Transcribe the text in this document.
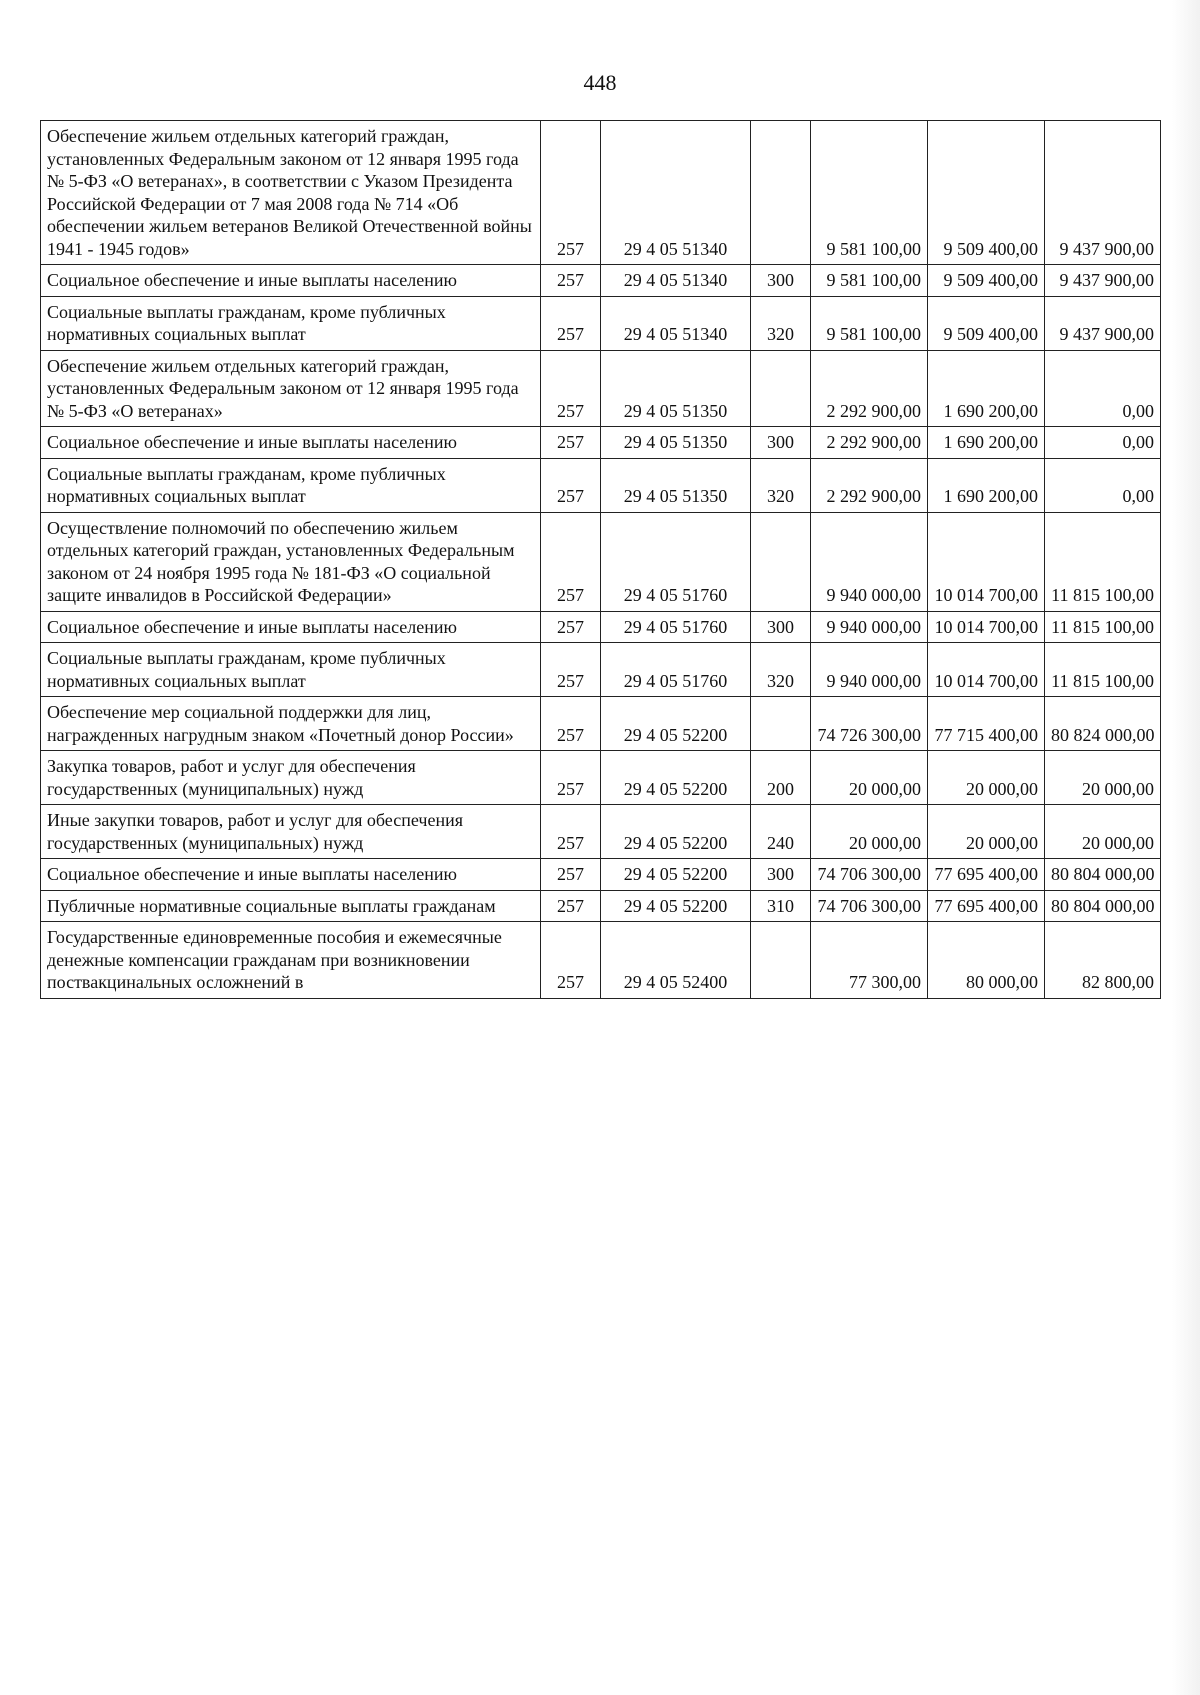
448
Обеспечение жильем отдельных категорий граждан, установленных Федеральным законом от 12 января 1995 года № 5-ФЗ «О ветеранах», в соответствии с Указом Президента Российской Федерации от 7 мая 2008 года № 714 «Об обеспечении жильем ветеранов Великой Отечественной войны 1941 - 1945 годов»	257	29 4 05 51340		9 581 100,00	9 509 400,00	9 437 900,00
Социальное обеспечение и иные выплаты населению	257	29 4 05 51340	300	9 581 100,00	9 509 400,00	9 437 900,00
Социальные выплаты гражданам, кроме публичных нормативных социальных выплат	257	29 4 05 51340	320	9 581 100,00	9 509 400,00	9 437 900,00
Обеспечение жильем отдельных категорий граждан, установленных Федеральным законом от 12 января 1995 года № 5-ФЗ «О ветеранах»	257	29 4 05 51350		2 292 900,00	1 690 200,00	0,00
Социальное обеспечение и иные выплаты населению	257	29 4 05 51350	300	2 292 900,00	1 690 200,00	0,00
Социальные выплаты гражданам, кроме публичных нормативных социальных выплат	257	29 4 05 51350	320	2 292 900,00	1 690 200,00	0,00
Осуществление полномочий по обеспечению жильем отдельных категорий граждан, установленных Федеральным законом от 24 ноября 1995 года № 181-ФЗ «О социальной защите инвалидов в Российской Федерации»	257	29 4 05 51760		9 940 000,00	10 014 700,00	11 815 100,00
Социальное обеспечение и иные выплаты населению	257	29 4 05 51760	300	9 940 000,00	10 014 700,00	11 815 100,00
Социальные выплаты гражданам, кроме публичных нормативных социальных выплат	257	29 4 05 51760	320	9 940 000,00	10 014 700,00	11 815 100,00
Обеспечение мер социальной поддержки для лиц, награжденных нагрудным знаком «Почетный донор России»	257	29 4 05 52200		74 726 300,00	77 715 400,00	80 824 000,00
Закупка товаров, работ и услуг для обеспечения государственных (муниципальных) нужд	257	29 4 05 52200	200	20 000,00	20 000,00	20 000,00
Иные закупки товаров, работ и услуг для обеспечения государственных (муниципальных) нужд	257	29 4 05 52200	240	20 000,00	20 000,00	20 000,00
Социальное обеспечение и иные выплаты населению	257	29 4 05 52200	300	74 706 300,00	77 695 400,00	80 804 000,00
Публичные нормативные социальные выплаты гражданам	257	29 4 05 52200	310	74 706 300,00	77 695 400,00	80 804 000,00
Государственные единовременные пособия и ежемесячные денежные компенсации гражданам при возникновении поствакцинальных осложнений в	257	29 4 05 52400		77 300,00	80 000,00	82 800,00
